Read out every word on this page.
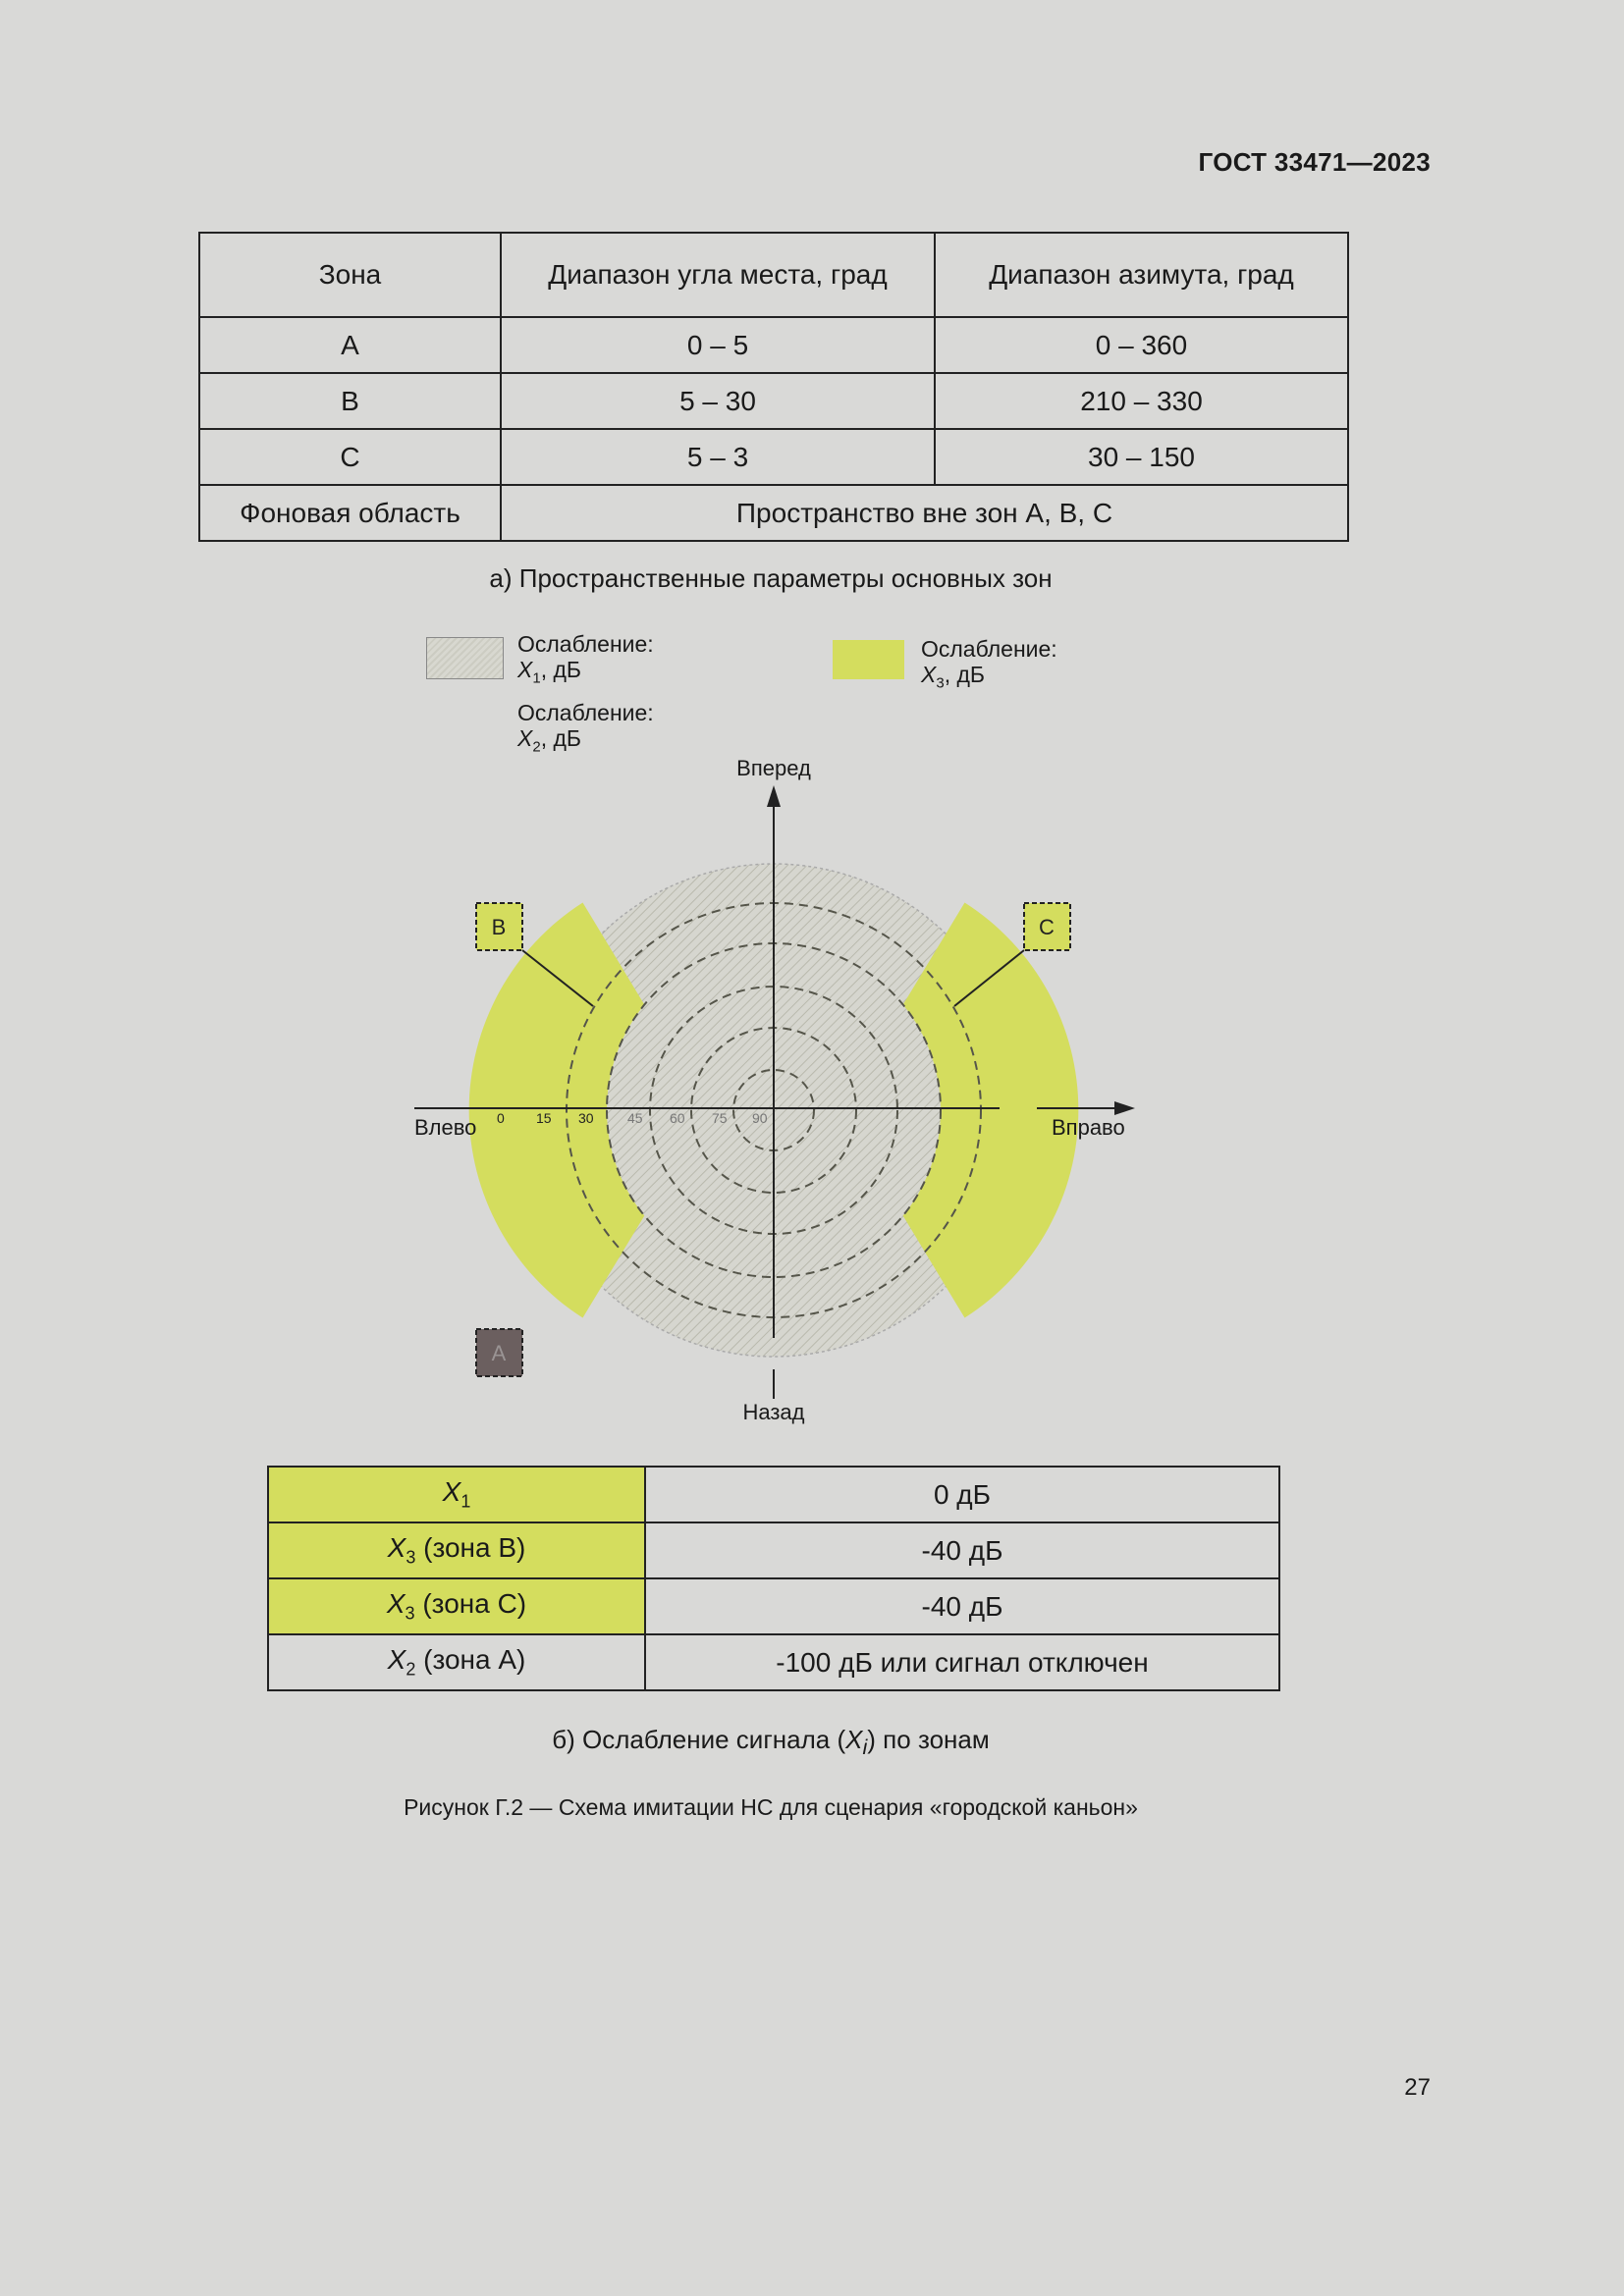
ГОСТ 33471—2023
Зона	Диапазон угла места, град	Диапазон азимута, град
A	0 – 5	0 – 360
B	5 – 30	210 – 330
C	5 – 3	30 – 150
Фоновая область	Пространство вне зон A, B, C	
а) Пространственные параметры основных зон
Ослабление:
$X_1$, дБ
Ослабление:
$X_2$, дБ
Ослабление:
$X_3$, дБ
0 15 30 45 60 75 90
Вперед
Назад
Влево	Вправо
B	C
A
$X_1$	0 дБ
$X_3$ (зона B)	-40 дБ
$X_3$ (зона C)	-40 дБ
$X_2$ (зона A)	-100 дБ или сигнал отключен
б) Ослабление сигнала $(X_i)$ по зонам
Рисунок Г.2 — Схема имитации НС для сценария «городской каньон»
27
